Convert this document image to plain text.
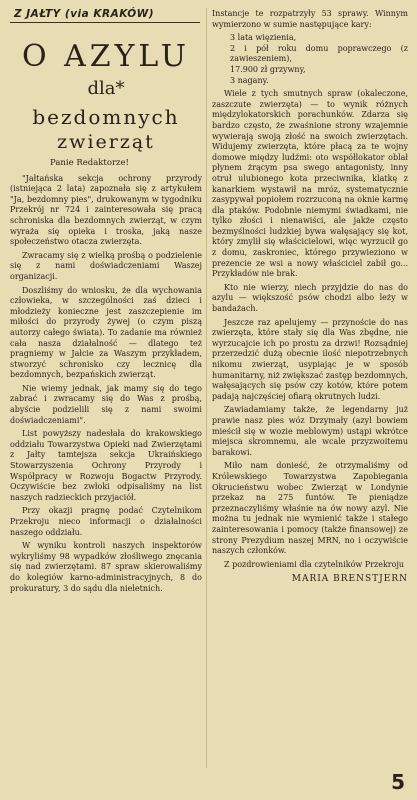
Z JAŁTY (via KRAKÓW)
O AZYLU
dla*
bezdomnych
zwierząt

Panie Redaktorze!

"Jałtańska sekcja ochrony przyrody (istniejąca 2 lata) zapoznała się z artykułem "Ja, bezdomny pies", drukowanym w tygodniku Przekrój nr 724 i zainteresowała się pracą schroniska dla bezdomnych zwierząt, w czym wyraża się opieka i troska, jaką nasze społeczeństwo otacza zwierzęta.

Zwracamy się z wielką prośbą o podzielenie się z nami doświadczeniami Waszej organizacji.

Doszliśmy do wniosku, że dla wychowania człowieka, w szczególności zaś dzieci i młodzieży konieczne jest zaszczepienie im miłości do przyrody żywej (o czym piszą autorzy całego świata). To zadanie ma również cała nasza działalność — dlatego też pragniemy w Jałcie za Waszym przykładem, stworzyć schronisko czy lecznicę dla bezdomnych, bezpańskich zwierząt.

Nie wiemy jednak, jak mamy się do tego zabrać i zwracamy się do Was z prośbą, abyście podzielili się z nami swoimi doświadczeniami".

List powyższy nadesłała do krakowskiego oddziału Towarzystwa Opieki nad Zwierzętami z Jałty tamtejsza sekcja Ukraińskiego Stowarzyszenia Ochrony Przyrody i Współpracy w Rozwoju Bogactw Przyrody. Oczywiście bez zwłoki odpisaliśmy na list naszych radzieckich przyjaciół.

Przy okazji pragnę podać Czytelnikom Przekroju nieco informacji o działalności naszego oddziału.

W wyniku kontroli naszych inspektorów wykryliśmy 98 wypadków złośliwego znęcania się nad zwierzętami. 87 spraw skierowaliśmy do kolegiów karno-administracyjnych, 8 do prokuratury, 3 do sądu dla nieletnich.

Instancje te rozpatrzyły 53 sprawy. Winnym wymierzono w sumie następujące kary:

3 lata więzienia,
2 i pół roku domu poprawczego (z zawieszeniem),
17.900 zł grzywny,
3 nagany.

Wiele z tych smutnych spraw (okaleczone, zaszczute zwierzęta) — to wynik różnych międzylokatorskich porachunków. Zdarza się bardzo często, że zwaśnione strony wzajemnie wywierają swoją złość na swoich zwierzętach. Widujemy zwierzęta, które płacą za te wojny domowe między ludźmi: oto współlokator oblał płynem żrącym psa swego antagonisty, inny otruł ulubionego kota przeciwnika, klatkę z kanarkiem wystawił na mróz, systematycznie zasypywał popiołem rozrzuconą na oknie karmę dla ptaków. Podobnie niemymi świadkami, nie tylko złości i nienawiści, ale jakże często bezmyślności ludzkiej bywa wałęsający się kot, który zmylił się właścicielowi, więc wyrzucił go z domu, zaskroniec, którego przywieziono w prezencie ze wsi a nowy właściciel zabił go... Przykładów nie brak.

Kto nie wierzy, niech przyjdzie do nas do azylu — większość psów chodzi albo leży w bandażach.

Jeszcze raz apelujemy — przynoście do nas zwierzęta, które stały się dla Was zbędne, nie wyrzucajcie ich po prostu za drzwi! Rozsądniej przerzedzić dużą obecnie ilość niepotrzebnych nikomu zwierząt, usypiając je w sposób humanitarny, niż zwiększać zastęp bezdomnych, wałęsających się psów czy kotów, które potem padają najczęściej ofiarą okrutnych ludzi.

Zawiadamiamy także, że legendarny już prawie nasz pies wóz Drzymały (azyl bowiem mieścił się w wozie meblowym) ustąpi wkrótce miejsca skromnemu, ale wcale przyzwoitemu barakowi.

Miło nam donieść, że otrzymaliśmy od Królewskiego Towarzystwa Zapobiegania Okrucieństwu wobec Zwierząt w Londynie przekaz na 275 funtów. Te pieniądze przeznaczyliśmy właśnie na ów nowy azyl. Nie można tu jednak nie wymienić także i stałego zainteresowania i pomocy (także finansowej) ze strony Prezydium naszej MRN, no i oczywiście naszych członków.

Z pozdrowieniami dla czytelników Przekroju

MARIA BRENSTJERN
5
